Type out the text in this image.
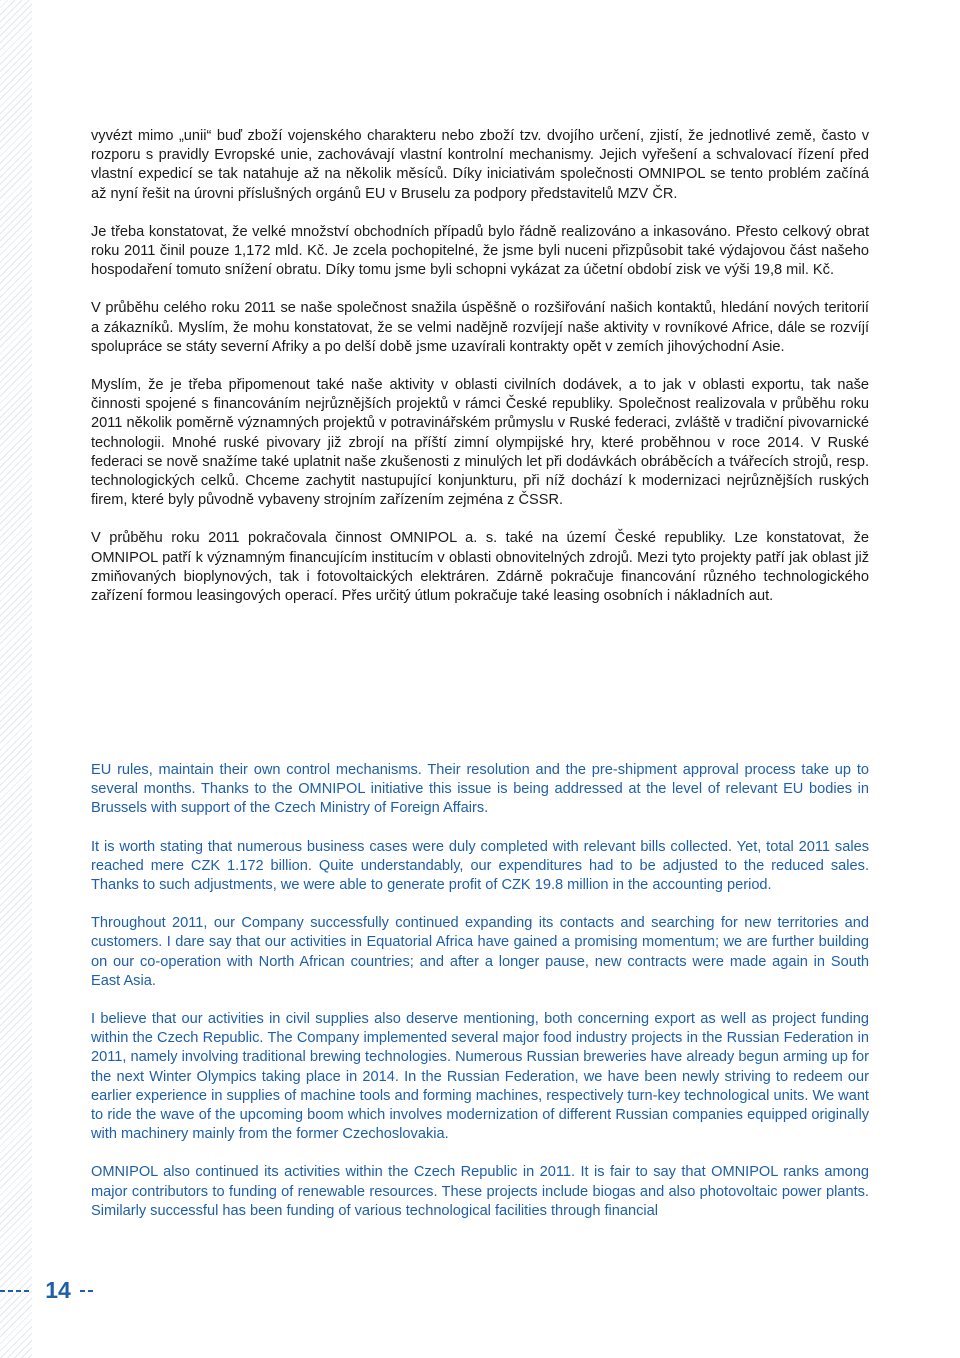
vyvézt mimo „unii“ buď zboží vojenského charakteru nebo zboží tzv. dvojího určení, zjistí, že jednotlivé země, často v rozporu s pravidly Evropské unie, zachovávají vlastní kontrolní mechanismy. Jejich vyřešení a schvalovací řízení před vlastní expedicí se tak natahuje až na několik měsíců. Díky iniciativám společnosti OMNIPOL se tento problém začíná až nyní řešit na úrovni příslušných orgánů EU v Bruselu za podpory představitelů MZV ČR.

Je třeba konstatovat, že velké množství obchodních případů bylo řádně realizováno a inkasováno. Přesto celkový obrat roku 2011 činil pouze 1,172 mld. Kč. Je zcela pochopitelné, že jsme byli nuceni přizpůsobit také výdajovou část našeho hospodaření tomuto snížení obratu. Díky tomu jsme byli schopni vykázat za účetní období zisk ve výši 19,8 mil. Kč.

V průběhu celého roku 2011 se naše společnost snažila úspěšně o rozšiřování našich kontaktů, hledání nových teritorií a zákazníků. Myslím, že mohu konstatovat, že se velmi nadějně rozvíjejí naše aktivity v rovníkové Africe, dále se rozvíjí spolupráce se státy severní Afriky a po delší době jsme uzavírali kontrakty opět v zemích jihovýchodní Asie.

Myslím, že je třeba připomenout také naše aktivity v oblasti civilních dodávek, a to jak v oblasti exportu, tak naše činnosti spojené s financováním nejrůznějších projektů v rámci České republiky. Společnost realizovala v průběhu roku 2011 několik poměrně významných projektů v potravinářském průmyslu v Ruské federaci, zvláště v tradiční pivovarnické technologii. Mnohé ruské pivovary již zbrojí na příští zimní olympijské hry, které proběhnou v roce 2014. V Ruské federaci se nově snažíme také uplatnit naše zkušenosti z minulých let při dodávkách obráběcích a tvářecích strojů, resp. technologických celků. Chceme zachytit nastupující konjunkturu, při níž dochází k modernizaci nejrůznějších ruských firem, které byly původně vybaveny strojním zařízením zejména z ČSSR.

V průběhu roku 2011 pokračovala činnost OMNIPOL a. s. také na území České republiky. Lze konstatovat, že OMNIPOL patří k významným financujícím institucím v oblasti obnovitelných zdrojů. Mezi tyto projekty patří jak oblast již zmiňovaných bioplynových, tak i fotovoltaických elektráren. Zdárně pokračuje financování různého technologického zařízení formou leasingových operací. Přes určitý útlum pokračuje také leasing osobních i nákladních aut.

EU rules, maintain their own control mechanisms. Their resolution and the pre-shipment approval process take up to several months. Thanks to the OMNIPOL initiative this issue is being addressed at the level of relevant EU bodies in Brussels with support of the Czech Ministry of Foreign Affairs.

It is worth stating that numerous business cases were duly completed with relevant bills collected. Yet, total 2011 sales reached mere CZK 1.172 billion. Quite understandably, our expenditures had to be adjusted to the reduced sales. Thanks to such adjustments, we were able to generate profit of CZK 19.8 million in the accounting period.

Throughout 2011, our Company successfully continued expanding its contacts and searching for new territories and customers. I dare say that our activities in Equatorial Africa have gained a promising momentum; we are further building on our co-operation with North African countries; and after a longer pause, new contracts were made again in South East Asia.

I believe that our activities in civil supplies also deserve mentioning, both concerning export as well as project funding within the Czech Republic. The Company implemented several major food industry projects in the Russian Federation in 2011, namely involving traditional brewing technologies. Numerous Russian breweries have already begun arming up for the next Winter Olympics taking place in 2014. In the Russian Federation, we have been newly striving to redeem our earlier experience in supplies of machine tools and forming machines, respectively turn-key technological units. We want to ride the wave of the upcoming boom which involves modernization of different Russian companies equipped originally with machinery mainly from the former Czechoslovakia.

OMNIPOL also continued its activities within the Czech Republic in 2011. It is fair to say that OMNIPOL ranks among major contributors to funding of renewable resources. These projects include biogas and also photovoltaic power plants. Similarly successful has been funding of various technological facilities through financial

14
